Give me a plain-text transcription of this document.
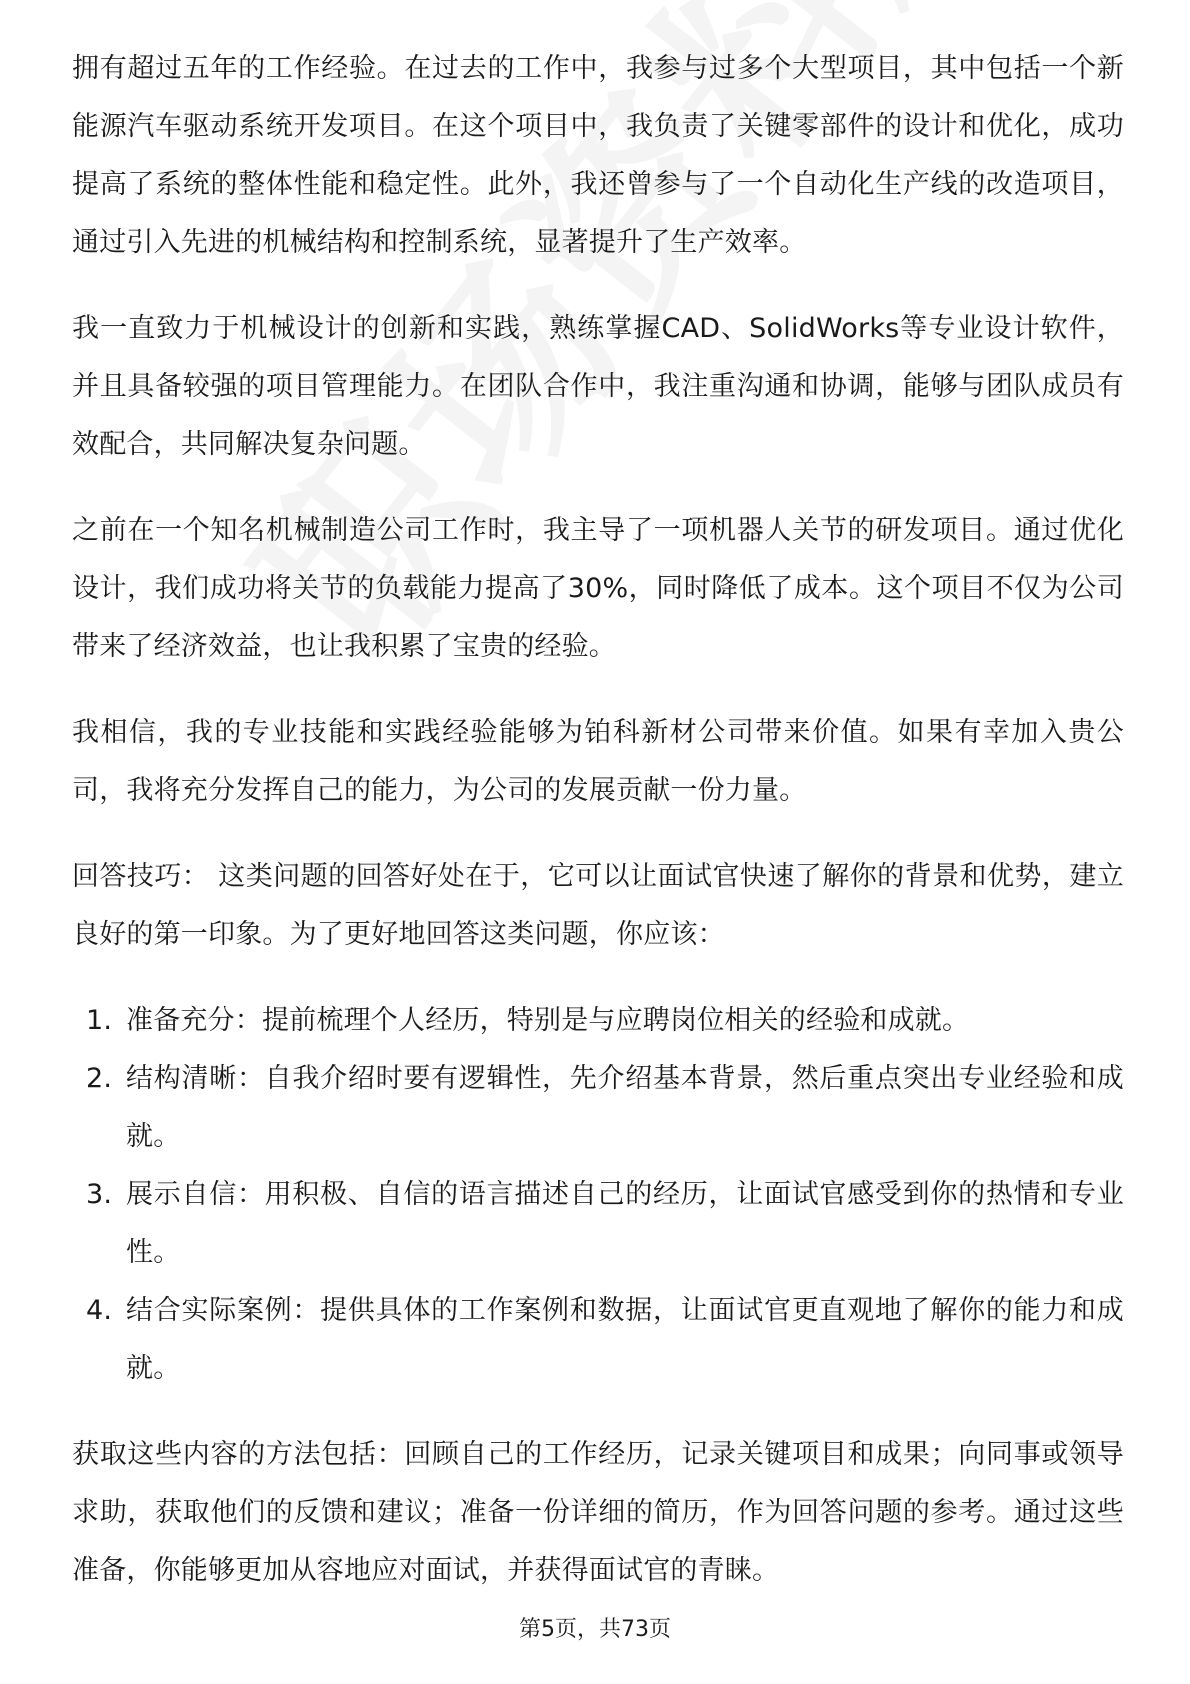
拥有超过五年的工作经验。在过去的工作中，我参与过多个大型项目，其中包括一个新能源汽车驱动系统开发项目。在这个项目中，我负责了关键零部件的设计和优化，成功提高了系统的整体性能和稳定性。此外，我还曾参与了一个自动化生产线的改造项目，通过引入先进的机械结构和控制系统，显著提升了生产效率。

我一直致力于机械设计的创新和实践，熟练掌握CAD、SolidWorks等专业设计软件，并且具备较强的项目管理能力。在团队合作中，我注重沟通和协调，能够与团队成员有效配合，共同解决复杂问题。

之前在一个知名机械制造公司工作时，我主导了一项机器人关节的研发项目。通过优化设计，我们成功将关节的负载能力提高了30%，同时降低了成本。这个项目不仅为公司带来了经济效益，也让我积累了宝贵的经验。

我相信，我的专业技能和实践经验能够为铂科新材公司带来价值。如果有幸加入贵公司，我将充分发挥自己的能力，为公司的发展贡献一份力量。

回答技巧： 这类问题的回答好处在于，它可以让面试官快速了解你的背景和优势，建立良好的第一印象。为了更好地回答这类问题，你应该：

1. 准备充分：提前梳理个人经历，特别是与应聘岗位相关的经验和成就。
2. 结构清晰：自我介绍时要有逻辑性，先介绍基本背景，然后重点突出专业经验和成就。
3. 展示自信：用积极、自信的语言描述自己的经历，让面试官感受到你的热情和专业性。
4. 结合实际案例：提供具体的工作案例和数据，让面试官更直观地了解你的能力和成就。

获取这些内容的方法包括：回顾自己的工作经历，记录关键项目和成果；向同事或领导求助，获取他们的反馈和建议；准备一份详细的简历，作为回答问题的参考。通过这些准备，你能够更加从容地应对面试，并获得面试官的青睐。

第5页，共73页
